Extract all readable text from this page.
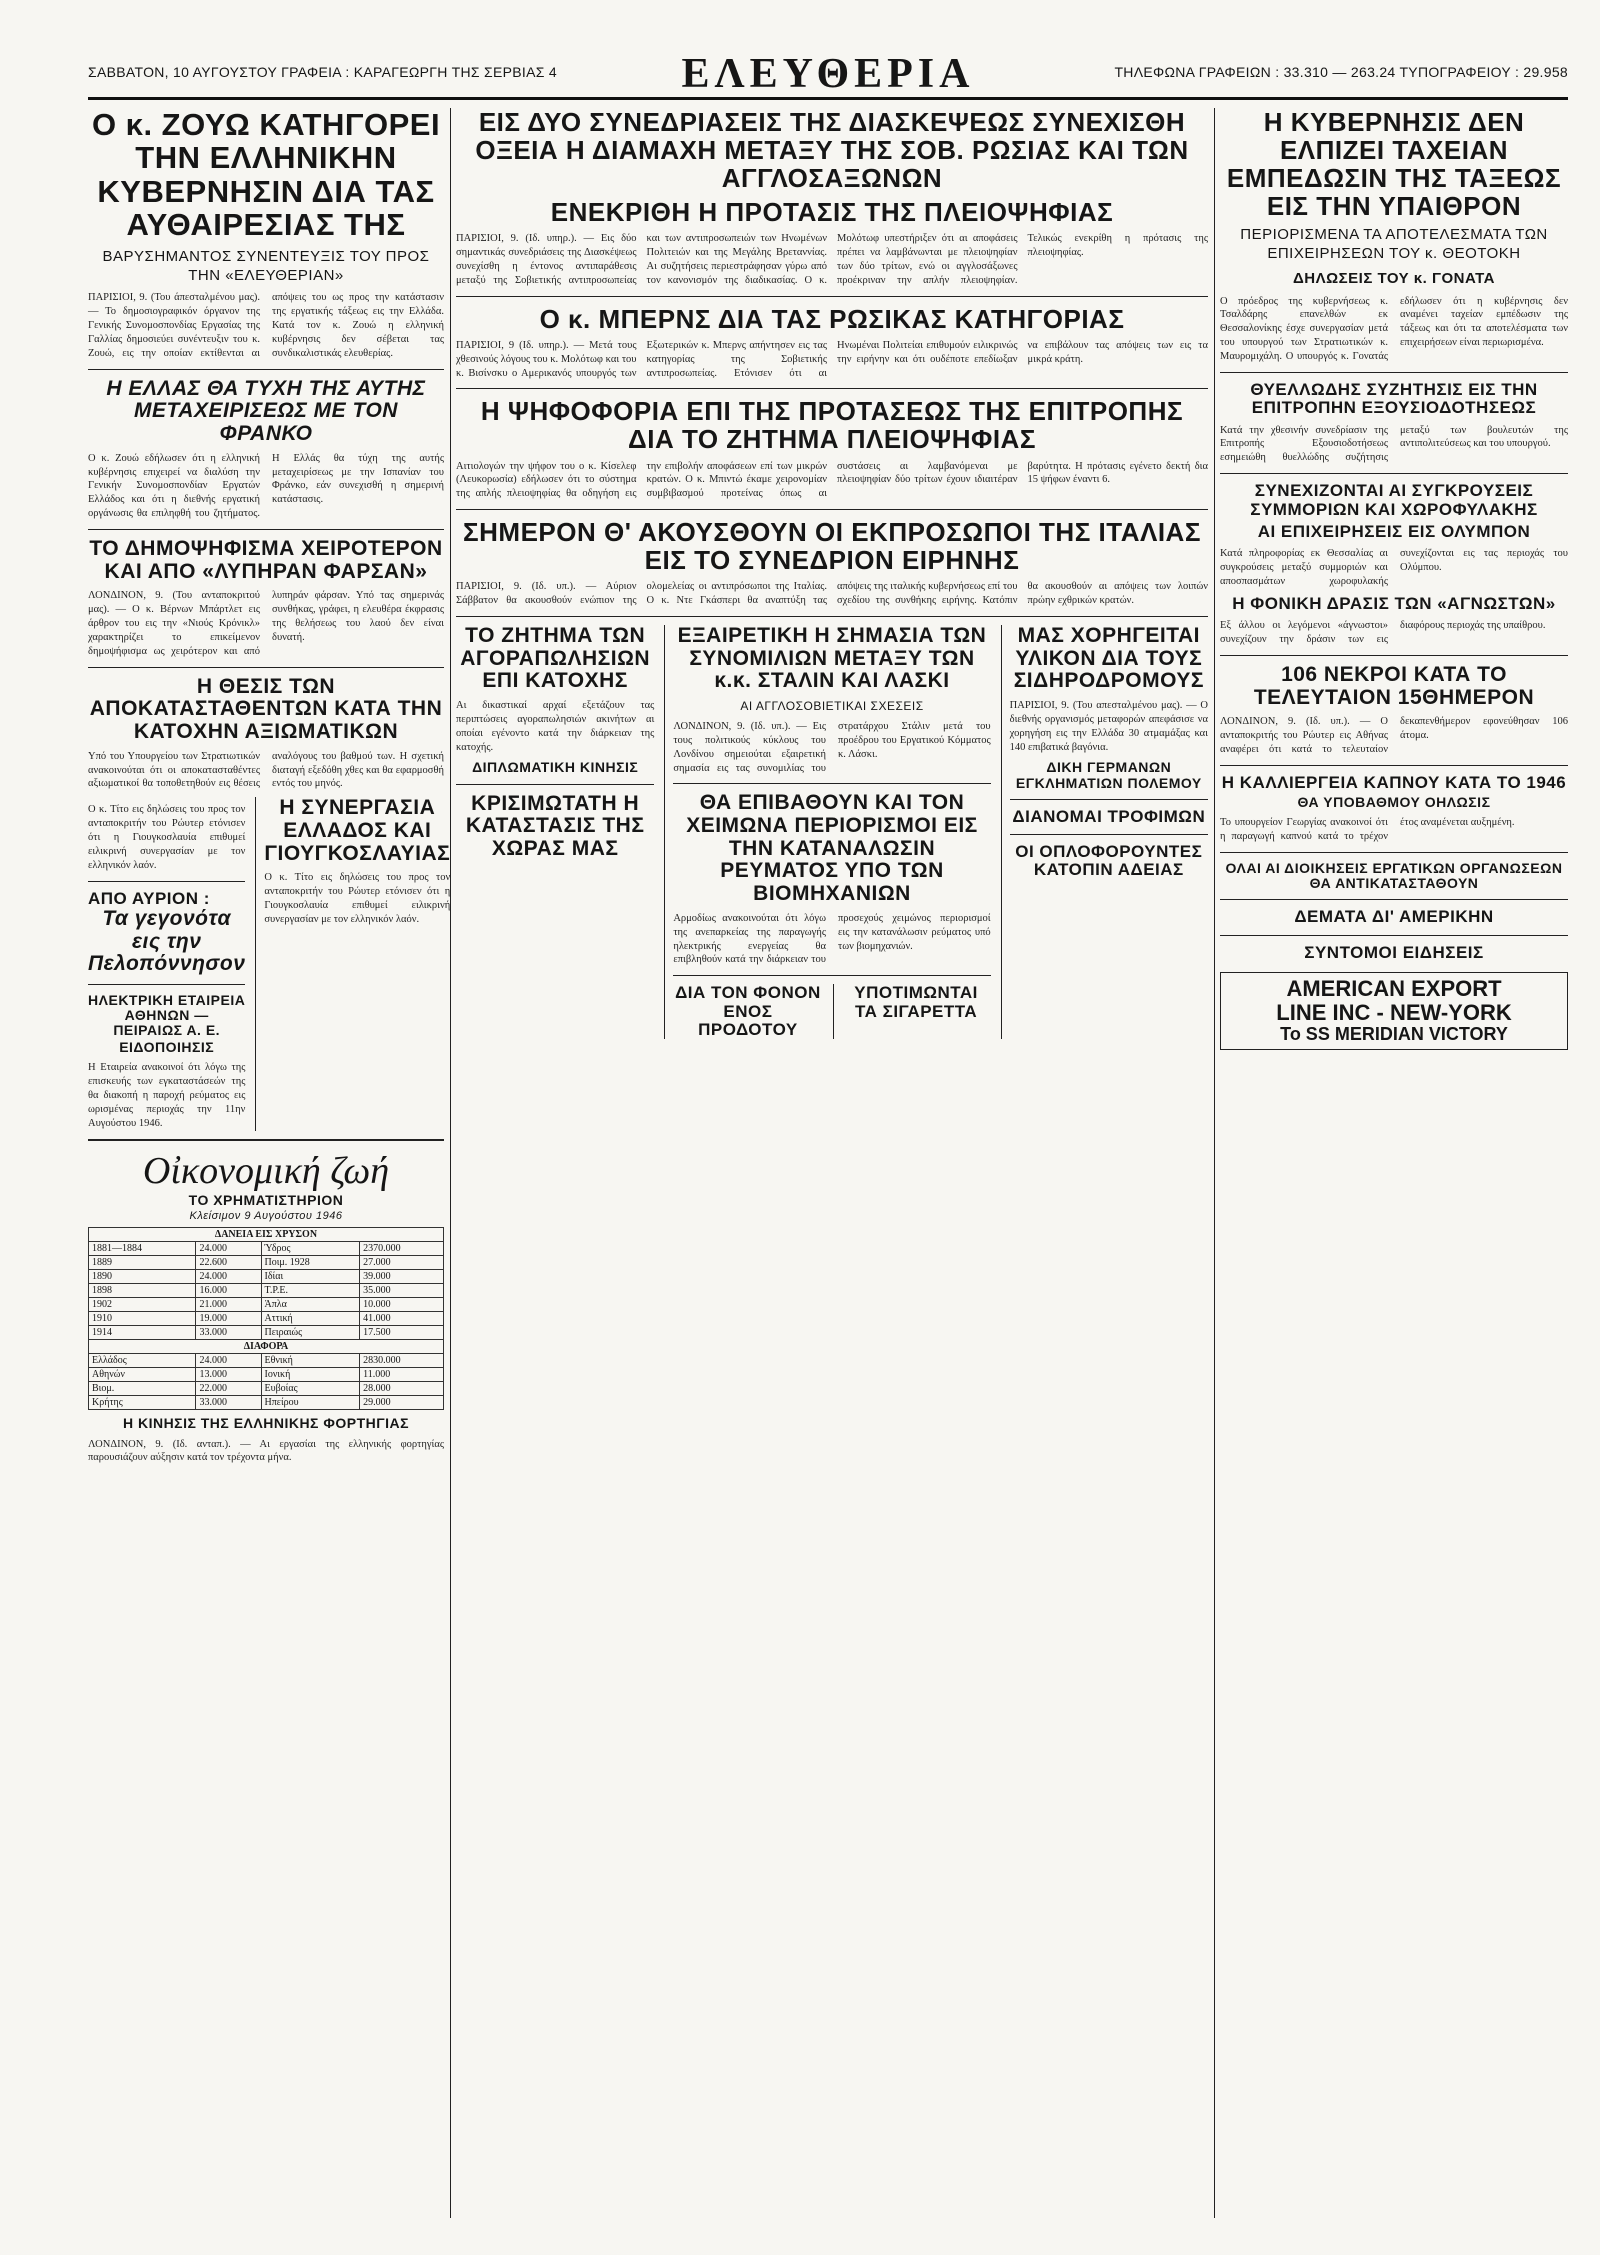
ΣΑΒΒΑΤΟΝ, 10 ΑΥΓΟΥΣΤΟΥ ΓΡΑΦΕΙΑ : ΚΑΡΑΓΕΩΡΓΗ ΤΗΣ ΣΕΡΒΙΑΣ 4	ΕΛΕΥΘΕΡΙΑ	ΤΗΛΕΦΩΝΑ ΓΡΑΦΕΙΩΝ : 33.310 — 263.24 ΤΥΠΟΓΡΑΦΕΙΟΥ : 29.958
Ο κ. ΖΟΥΩ ΚΑΤΗΓΟΡΕΙ ΤΗΝ ΕΛΛΗΝΙΚΗΝ ΚΥΒΕΡΝΗΣΙΝ ΔΙΑ ΤΑΣ ΑΥΘΑΙΡΕΣΙΑΣ ΤΗΣ
ΒΑΡΥΣΗΜΑΝΤΟΣ ΣΥΝΕΝΤΕΥΞΙΣ ΤΟΥ ΠΡΟΣ ΤΗΝ «ΕΛΕΥΘΕΡΙΑΝ»
ΠΑΡΙΣΙΟΙ, 9. (Του άπεσταλμένου μας). — Το δημοσιογραφικόν όργανον της Γενικής Συνομοσπονδίας Εργασίας της Γαλλίας δημοσιεύει συνέντευξιν του κ. Ζουώ, εις την οποίαν εκτίθενται αι απόψεις του ως προς την κατάστασιν της εργατικής τάξεως εις την Ελλάδα. Κατά τον κ. Ζουώ η ελληνική κυβέρνησις δεν σέβεται τας συνδικαλιστικάς ελευθερίας.
Η ΕΛΛΑΣ ΘΑ ΤΥΧΗ ΤΗΣ ΑΥΤΗΣ ΜΕΤΑΧΕΙΡΙΣΕΩΣ ΜΕ ΤΟΝ ΦΡΑΝΚΟ
Ο κ. Ζουώ εδήλωσεν ότι η ελληνική κυβέρνησις επιχειρεί να διαλύση την Γενικήν Συνομοσπονδίαν Εργατών Ελλάδος και ότι η διεθνής εργατική οργάνωσις θα επιληφθή του ζητήματος. Η Ελλάς θα τύχη της αυτής μεταχειρίσεως με την Ισπανίαν του Φράνκο, εάν συνεχισθή η σημερινή κατάστασις.
ΤΟ ΔΗΜΟΨΗΦΙΣΜΑ ΧΕΙΡΟΤΕΡΟΝ ΚΑΙ ΑΠΟ «ΛΥΠΗΡΑΝ ΦΑΡΣΑΝ»
ΛΟΝΔΙΝΟΝ, 9. (Του ανταποκριτού μας). — Ο κ. Βέρνων Μπάρτλετ εις άρθρον του εις την «Νιούς Κρόνικλ» χαρακτηρίζει το επικείμενον δημοψήφισμα ως χειρότερον και από λυπηράν φάρσαν. Υπό τας σημερινάς συνθήκας, γράφει, η ελευθέρα έκφρασις της θελήσεως του λαού δεν είναι δυνατή.
Η ΘΕΣΙΣ ΤΩΝ ΑΠΟΚΑΤΑΣΤΑΘΕΝΤΩΝ ΚΑΤΑ ΤΗΝ ΚΑΤΟΧΗΝ ΑΞΙΩΜΑΤΙΚΩΝ
Υπό του Υπουργείου των Στρατιωτικών ανακοινούται ότι οι αποκατασταθέντες αξιωματικοί θα τοποθετηθούν εις θέσεις αναλόγους του βαθμού των. Η σχετική διαταγή εξεδόθη χθες και θα εφαρμοσθή εντός του μηνός.
Ο κ. Τίτο εις δηλώσεις του προς τον ανταποκριτήν του Ρώυτερ ετόνισεν ότι η Γιουγκοσλαυία επιθυμεί ειλικρινή συνεργασίαν με τον ελληνικόν λαόν.
ΑΠΟ ΑΥΡΙΟΝ :
Τα γεγονότα εις την Πελοπόννησον
ΗΛΕΚΤΡΙΚΗ ΕΤΑΙΡΕΙΑ ΑΘΗΝΩΝ — ΠΕΙΡΑΙΩΣ Α. Ε.
ΕΙΔΟΠΟΙΗΣΙΣ
Η Εταιρεία ανακοινοί ότι λόγω της επισκευής των εγκαταστάσεών της θα διακοπή η παροχή ρεύματος εις ωρισμένας περιοχάς την 11ην Αυγούστου 1946.
Η ΣΥΝΕΡΓΑΣΙΑ ΕΛΛΑΔΟΣ ΚΑΙ ΓΙΟΥΓΚΟΣΛΑΥΙΑΣ
Ο κ. Τίτο εις δηλώσεις του προς τον ανταποκριτήν του Ρώυτερ ετόνισεν ότι η Γιουγκοσλαυία επιθυμεί ειλικρινή συνεργασίαν με τον ελληνικόν λαόν.
Οἰκονομική ζωή
ΤΟ ΧΡΗΜΑΤΙΣΤΗΡΙΟΝ
Κλείσιμον 9 Αυγούστου 1946
ΔΑΝΕΙΑ ΕΙΣ ΧΡΥΣΟΝ			
1881—1884	24.000	Ύδρος	2370.000
1889	22.600	Ποιμ. 1928	27.000
1890	24.000	Ιδίαι	39.000
1898	16.000	Τ.Ρ.Ε.	35.000
1902	21.000	Άπλα	10.000
1910	19.000	Αττική	41.000
1914	33.000	Πειραιώς	17.500
ΔΙΑΦΟΡΑ			
Ελλάδος	24.000	Εθνική	2830.000
Αθηνών	13.000	Ιονική	11.000
Βιομ.	22.000	Ευβοίας	28.000
Κρήτης	33.000	Ηπείρου	29.000
Η ΚΙΝΗΣΙΣ ΤΗΣ ΕΛΛΗΝΙΚΗΣ ΦΟΡΤΗΓΙΑΣ
ΛΟΝΔΙΝΟΝ, 9. (Ιδ. ανταπ.). — Αι εργασίαι της ελληνικής φορτηγίας παρουσιάζουν αύξησιν κατά τον τρέχοντα μήνα.
ΕΙΣ ΔΥΟ ΣΥΝΕΔΡΙΑΣΕΙΣ ΤΗΣ ΔΙΑΣΚΕΨΕΩΣ ΣΥΝΕΧΙΣΘΗ ΟΞΕΙΑ Η ΔΙΑΜΑΧΗ ΜΕΤΑΞΥ ΤΗΣ ΣΟΒ. ΡΩΣΙΑΣ ΚΑΙ ΤΩΝ ΑΓΓΛΟΣΑΞΩΝΩΝ
ΕΝΕΚΡΙΘΗ Η ΠΡΟΤΑΣΙΣ ΤΗΣ ΠΛΕΙΟΨΗΦΙΑΣ
ΠΑΡΙΣΙΟΙ, 9. (Ιδ. υπηρ.). — Εις δύο σημαντικάς συνεδριάσεις της Διασκέψεως συνεχίσθη η έντονος αντιπαράθεσις μεταξύ της Σοβιετικής αντιπροσωπείας και των αντιπροσωπειών των Ηνωμένων Πολιτειών και της Μεγάλης Βρεταννίας. Αι συζητήσεις περιεστράφησαν γύρω από τον κανονισμόν της διαδικασίας. Ο κ. Μολότωφ υπεστήριξεν ότι αι αποφάσεις πρέπει να λαμβάνωνται με πλειοψηφίαν των δύο τρίτων, ενώ οι αγγλοσάξωνες προέκριναν την απλήν πλειοψηφίαν. Τελικώς ενεκρίθη η πρότασις της πλειοψηφίας.
Ο κ. ΜΠΕΡΝΣ ΔΙΑ ΤΑΣ ΡΩΣΙΚΑΣ ΚΑΤΗΓΟΡΙΑΣ
ΠΑΡΙΣΙΟΙ, 9 (Ιδ. υπηρ.). — Μετά τους χθεσινούς λόγους του κ. Μολότωφ και του κ. Βισίνσκυ ο Αμερικανός υπουργός των Εξωτερικών κ. Μπερνς απήντησεν εις τας κατηγορίας της Σοβιετικής αντιπροσωπείας. Ετόνισεν ότι αι Ηνωμέναι Πολιτείαι επιθυμούν ειλικρινώς την ειρήνην και ότι ουδέποτε επεδίωξαν να επιβάλουν τας απόψεις των εις τα μικρά κράτη.
Η ΨΗΦΟΦΟΡΙΑ ΕΠΙ ΤΗΣ ΠΡΟΤΑΣΕΩΣ ΤΗΣ ΕΠΙΤΡΟΠΗΣ ΔΙΑ ΤΟ ΖΗΤΗΜΑ ΠΛΕΙΟΨΗΦΙΑΣ
Αιτιολογών την ψήφον του ο κ. Κίσελεφ (Λευκορωσία) εδήλωσεν ότι το σύστημα της απλής πλειοψηφίας θα οδηγήση εις την επιβολήν αποφάσεων επί των μικρών κρατών. Ο κ. Μπιντώ έκαμε χειρονομίαν συμβιβασμού προτείνας όπως αι συστάσεις αι λαμβανόμεναι με πλειοψηφίαν δύο τρίτων έχουν ιδιαιτέραν βαρύτητα. Η πρότασις εγένετο δεκτή δια 15 ψήφων έναντι 6.
ΣΗΜΕΡΟΝ Θ' ΑΚΟΥΣΘΟΥΝ ΟΙ ΕΚΠΡΟΣΩΠΟΙ ΤΗΣ ΙΤΑΛΙΑΣ ΕΙΣ ΤΟ ΣΥΝΕΔΡΙΟΝ ΕΙΡΗΝΗΣ
ΠΑΡΙΣΙΟΙ, 9. (Ιδ. υπ.). — Αύριον Σάββατον θα ακουσθούν ενώπιον της ολομελείας οι αντιπρόσωποι της Ιταλίας. Ο κ. Ντε Γκάσπερι θα αναπτύξη τας απόψεις της ιταλικής κυβερνήσεως επί του σχεδίου της συνθήκης ειρήνης. Κατόπιν θα ακουσθούν αι απόψεις των λοιπών πρώην εχθρικών κρατών.
ΤΟ ΖΗΤΗΜΑ ΤΩΝ ΑΓΟΡΑΠΩΛΗΣΙΩΝ ΕΠΙ ΚΑΤΟΧΗΣ
Αι δικαστικαί αρχαί εξετάζουν τας περιπτώσεις αγοραπωλησιών ακινήτων αι οποίαι εγένοντο κατά την διάρκειαν της κατοχής.
ΔΙΠΛΩΜΑΤΙΚΗ ΚΙΝΗΣΙΣ
ΚΡΙΣΙΜΩΤΑΤΗ Η ΚΑΤΑΣΤΑΣΙΣ ΤΗΣ ΧΩΡΑΣ ΜΑΣ
ΕΞΑΙΡΕΤΙΚΗ Η ΣΗΜΑΣΙΑ ΤΩΝ ΣΥΝΟΜΙΛΙΩΝ ΜΕΤΑΞΥ ΤΩΝ κ.κ. ΣΤΑΛΙΝ ΚΑΙ ΛΑΣΚΙ
ΑΙ ΑΓΓΛΟΣΟΒΙΕΤΙΚΑΙ ΣΧΕΣΕΙΣ
ΛΟΝΔΙΝΟΝ, 9. (Ιδ. υπ.). — Εις τους πολιτικούς κύκλους του Λονδίνου σημειούται εξαιρετική σημασία εις τας συνομιλίας του στρατάρχου Στάλιν μετά του προέδρου του Εργατικού Κόμματος κ. Λάσκι.
ΘΑ ΕΠΙΒΑΘΟΥΝ ΚΑΙ ΤΟΝ ΧΕΙΜΩΝΑ ΠΕΡΙΟΡΙΣΜΟΙ ΕΙΣ ΤΗΝ ΚΑΤΑΝΑΛΩΣΙΝ ΡΕΥΜΑΤΟΣ ΥΠΟ ΤΩΝ ΒΙΟΜΗΧΑΝΙΩΝ
Αρμοδίως ανακοινούται ότι λόγω της ανεπαρκείας της παραγωγής ηλεκτρικής ενεργείας θα επιβληθούν κατά την διάρκειαν του προσεχούς χειμώνος περιορισμοί εις την κατανάλωσιν ρεύματος υπό των βιομηχανιών.
ΔΙΑ ΤΟΝ ΦΟΝΟΝ ΕΝΟΣ ΠΡΟΔΟΤΟΥ
ΥΠΟΤΙΜΩΝΤΑΙ ΤΑ ΣΙΓΑΡΕΤΤΑ
ΜΑΣ ΧΟΡΗΓΕΙΤΑΙ ΥΛΙΚΟΝ ΔΙΑ ΤΟΥΣ ΣΙΔΗΡΟΔΡΟΜΟΥΣ
ΠΑΡΙΣΙΟΙ, 9. (Του απεσταλμένου μας). — Ο διεθνής οργανισμός μεταφορών απεφάσισε να χορηγήση εις την Ελλάδα 30 ατμαμάξας και 140 επιβατικά βαγόνια.
ΔΙΚΗ ΓΕΡΜΑΝΩΝ ΕΓΚΛΗΜΑΤΙΩΝ ΠΟΛΕΜΟΥ
ΔΙΑΝΟΜΑΙ ΤΡΟΦΙΜΩΝ
ΟΙ ΟΠΛΟΦΟΡΟΥΝΤΕΣ ΚΑΤΟΠΙΝ ΑΔΕΙΑΣ
Η ΚΥΒΕΡΝΗΣΙΣ ΔΕΝ ΕΛΠΙΖΕΙ ΤΑΧΕΙΑΝ ΕΜΠΕΔΩΣΙΝ ΤΗΣ ΤΑΞΕΩΣ ΕΙΣ ΤΗΝ ΥΠΑΙΘΡΟΝ
ΠΕΡΙΟΡΙΣΜΕΝΑ ΤΑ ΑΠΟΤΕΛΕΣΜΑΤΑ ΤΩΝ ΕΠΙΧΕΙΡΗΣΕΩΝ ΤΟΥ κ. ΘΕΟΤΟΚΗ
ΔΗΛΩΣΕΙΣ ΤΟΥ κ. ΓΟΝΑΤΑ
Ο πρόεδρος της κυβερνήσεως κ. Τσαλδάρης επανελθών εκ Θεσσαλονίκης έσχε συνεργασίαν μετά του υπουργού των Στρατιωτικών κ. Μαυρομιχάλη. Ο υπουργός κ. Γονατάς εδήλωσεν ότι η κυβέρνησις δεν αναμένει ταχείαν εμπέδωσιν της τάξεως και ότι τα αποτελέσματα των επιχειρήσεων είναι περιωρισμένα.
ΘΥΕΛΛΩΔΗΣ ΣΥΖΗΤΗΣΙΣ ΕΙΣ ΤΗΝ ΕΠΙΤΡΟΠΗΝ ΕΞΟΥΣΙΟΔΟΤΗΣΕΩΣ
Κατά την χθεσινήν συνεδρίασιν της Επιτροπής Εξουσιοδοτήσεως εσημειώθη θυελλώδης συζήτησις μεταξύ των βουλευτών της αντιπολιτεύσεως και του υπουργού.
ΣΥΝΕΧΙΖΟΝΤΑΙ ΑΙ ΣΥΓΚΡΟΥΣΕΙΣ ΣΥΜΜΟΡΙΩΝ ΚΑΙ ΧΩΡΟΦΥΛΑΚΗΣ
ΑΙ ΕΠΙΧΕΙΡΗΣΕΙΣ ΕΙΣ ΟΛΥΜΠΟΝ
Κατά πληροφορίας εκ Θεσσαλίας αι συγκρούσεις μεταξύ συμμοριών και αποσπασμάτων χωροφυλακής συνεχίζονται εις τας περιοχάς του Ολύμπου.
Η ΦΟΝΙΚΗ ΔΡΑΣΙΣ ΤΩΝ «ΑΓΝΩΣΤΩΝ»
Εξ άλλου οι λεγόμενοι «άγνωστοι» συνεχίζουν την δράσιν των εις διαφόρους περιοχάς της υπαίθρου.
106 ΝΕΚΡΟΙ ΚΑΤΑ ΤΟ ΤΕΛΕΥΤΑΙΟΝ 15ΘΗΜΕΡΟΝ
ΛΟΝΔΙΝΟΝ, 9. (Ιδ. υπ.). — Ο ανταποκριτής του Ρώυτερ εις Αθήνας αναφέρει ότι κατά το τελευταίον δεκαπενθήμερον εφονεύθησαν 106 άτομα.
Η ΚΑΛΛΙΕΡΓΕΙΑ ΚΑΠΝΟΥ ΚΑΤΑ ΤΟ 1946
ΘΑ ΥΠΟΒΑΘΜΟΥ ΟΗΛΩΣΙΣ
Το υπουργείον Γεωργίας ανακοινοί ότι η παραγωγή καπνού κατά το τρέχον έτος αναμένεται αυξημένη.
ΟΛΑΙ ΑΙ ΔΙΟΙΚΗΣΕΙΣ ΕΡΓΑΤΙΚΩΝ ΟΡΓΑΝΩΣΕΩΝ ΘΑ ΑΝΤΙΚΑΤΑΣΤΑΘΟΥΝ
ΔΕΜΑΤΑ ΔΙ' ΑΜΕΡΙΚΗΝ
ΣΥΝΤΟΜΟΙ ΕΙΔΗΣΕΙΣ
AMERICAN EXPORT
LINE INC - NEW-YORK
Το SS MERIDIAN VICTORY
